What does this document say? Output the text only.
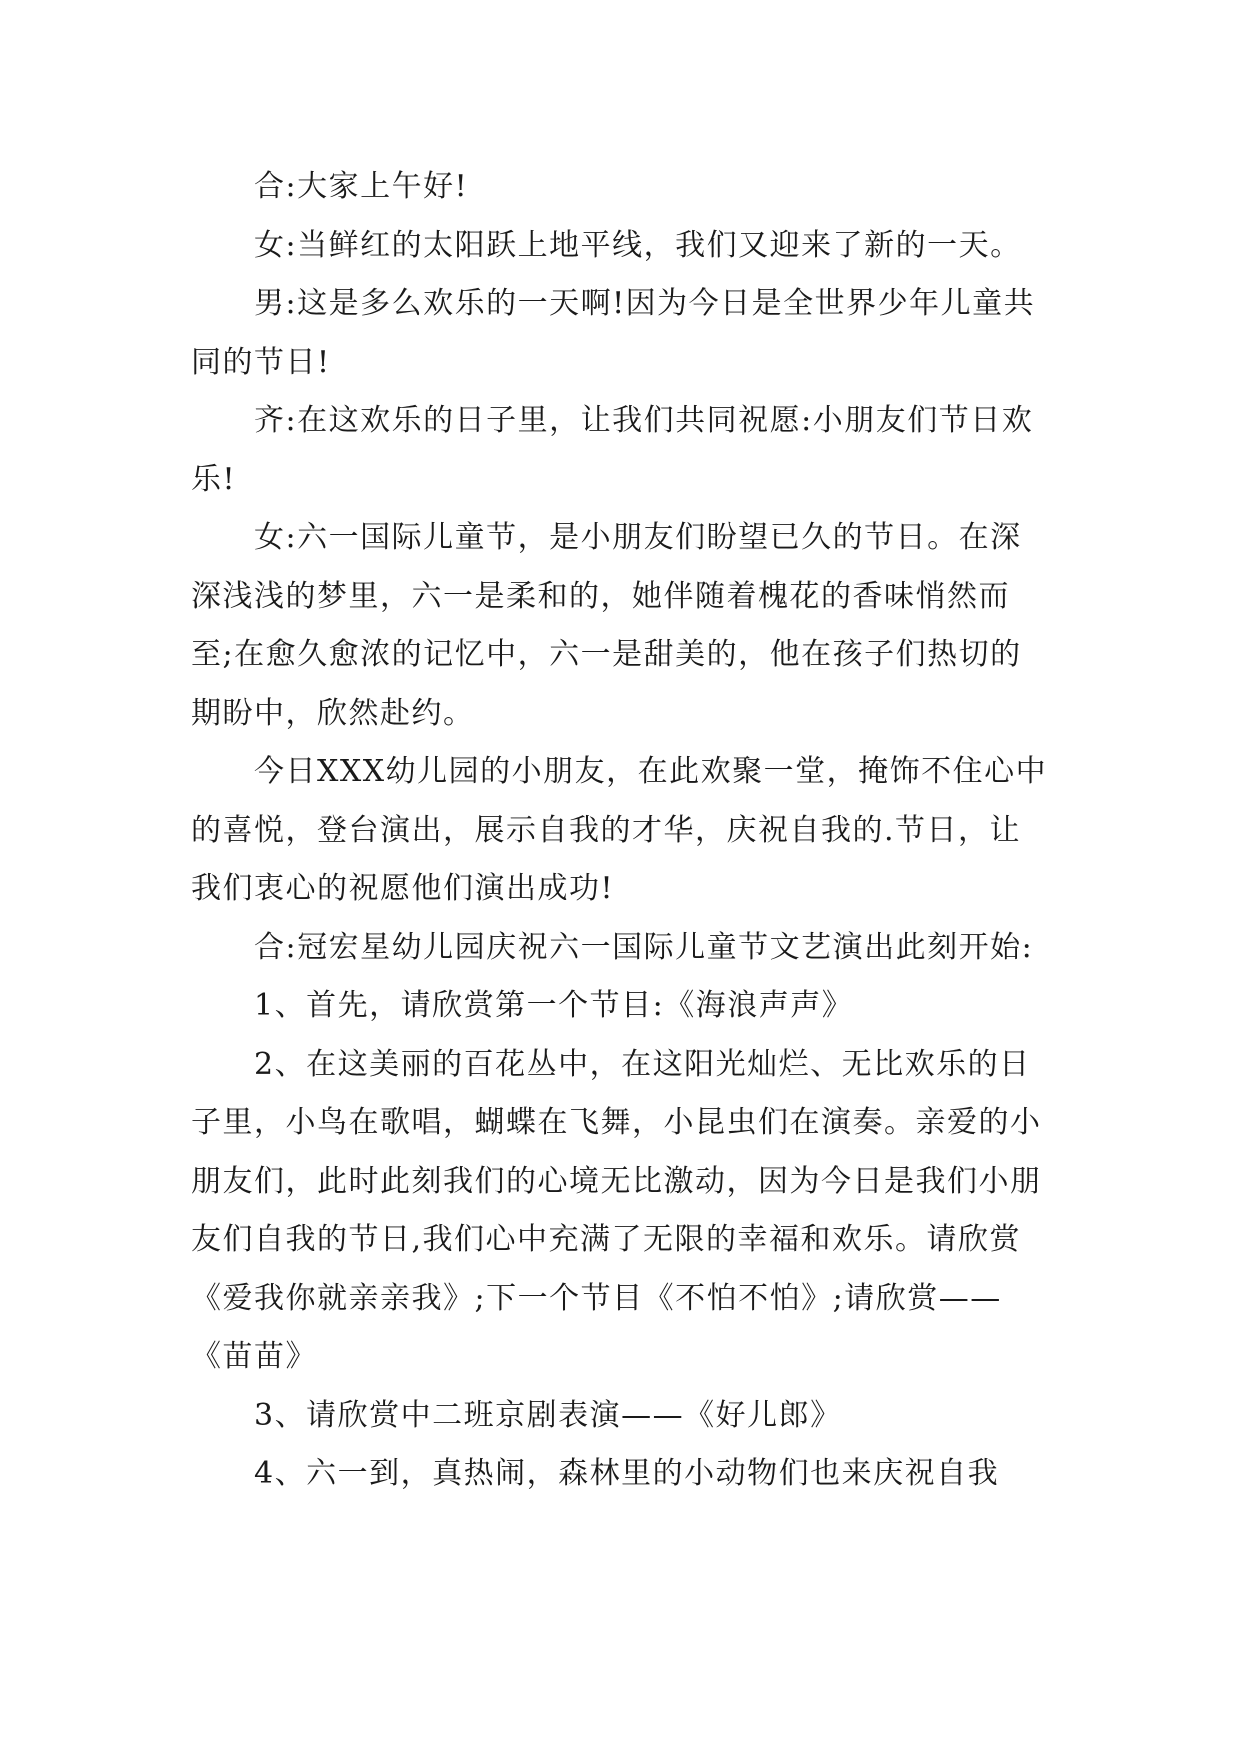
合:大家上午好!

女:当鲜红的太阳跃上地平线，我们又迎来了新的一天。

男:这是多么欢乐的一天啊!因为今日是全世界少年儿童共同的节日!

齐:在这欢乐的日子里，让我们共同祝愿:小朋友们节日欢乐!

女:六一国际儿童节，是小朋友们盼望已久的节日。在深深浅浅的梦里，六一是柔和的，她伴随着槐花的香味悄然而至;在愈久愈浓的记忆中，六一是甜美的，他在孩子们热切的期盼中，欣然赴约。

今日XXX幼儿园的小朋友，在此欢聚一堂，掩饰不住心中的喜悦，登台演出，展示自我的才华，庆祝自我的.节日，让我们衷心的祝愿他们演出成功!

合:冠宏星幼儿园庆祝六一国际儿童节文艺演出此刻开始:

1、首先，请欣赏第一个节目:《海浪声声》

2、在这美丽的百花丛中，在这阳光灿烂、无比欢乐的日子里，小鸟在歌唱，蝴蝶在飞舞，小昆虫们在演奏。亲爱的小朋友们，此时此刻我们的心境无比激动，因为今日是我们小朋友们自我的节日,我们心中充满了无限的幸福和欢乐。请欣赏《爱我你就亲亲我》;下一个节目《不怕不怕》;请欣赏——《苗苗》

3、请欣赏中二班京剧表演——《好儿郎》

4、六一到，真热闹，森林里的小动物们也来庆祝自我
